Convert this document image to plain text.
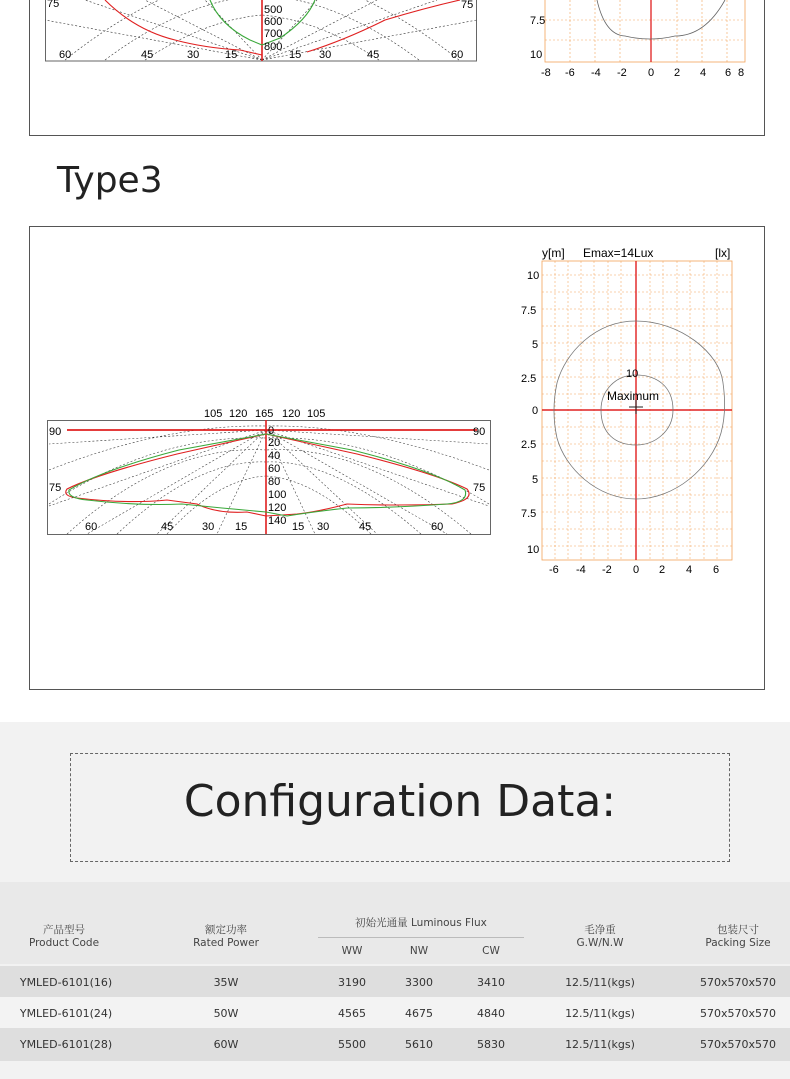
75
60	45	30 15	15 30	45	60
75
500
600
700
800
7.5
10
-8 -6 -4 -2 0 2 4 6 8
Type3
105 120 165 120 105
90	90
75
60	45	30 15	15 30	45	60
75
0
20
40
60
80
100
120
140
y[m] Emax=14Lux	[lx]
10
7.5
5
2.5
0
2.5
5
7.5
10
-6 -4 -2 0 2 4 6
10
Maximum
Configuration Data:
产品型号
Product Code
额定功率
Rated Power
初始光通量 Luminous Flux
WW	NW	CW
毛净重
G.W/N.W
包装尺寸
Packing Size
YMLED-6101(16)	35W	3190	3300	3410	12.5/11(kgs)	570x570x570
YMLED-6101(24)	50W	4565	4675	4840	12.5/11(kgs)	570x570x570
YMLED-6101(28)	60W	5500	5610	5830	12.5/11(kgs)	570x570x570
